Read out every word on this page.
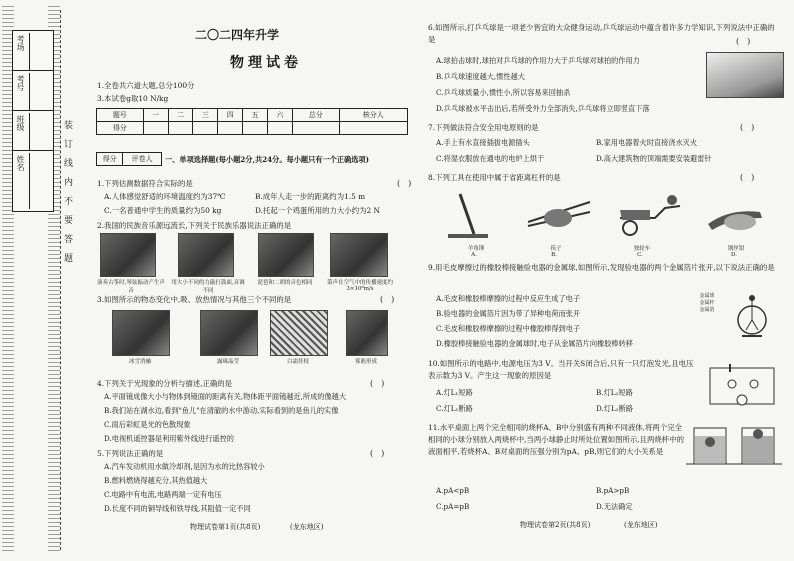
考场
考号
班级
姓名	装订线内不要答题
二〇二四年升学
物理试卷
1.全卷共六道大题,总分100分
3.本试卷g取10 N/kg
题号	一	二	三	四	五	六	总分	核分人
得分								
得分	评卷人 一、单项选择题(每小题2分,共24分。每小题只有一个正确选项)
1.下列估测数据符合实际的是
A.人体感觉舒适的环境温度约为37℃	B.成年人走一步的距离约为1.5 m
C.一名普通中学生的质量约为50 kg	D.托起一个鸡蛋所用的力大小约为2 N
(　)
2.我国的民族音乐源远流长,下列关于民族乐器说法正确的是
演奏古筝时,琴弦振动产生声音
用大小不同的力敲打鼓面,音调不同
琵琶和二胡的音色相同	箫声在空气中的传播速度约3×10⁸m/s
3.如图所示的物态变化中,吸、放热情况与其他三个不同的是	(　)
冰雪消融	露珠晶莹	白霜挂枝	雾凇形成
4.下列关于光现象的分析与描述,正确的是	(　)
A.平面镜成像大小与物体到镜面的距离有关,物体距平面镜越近,所成的像越大
B.我们站在湖水边,看到"鱼儿"在清澈的水中游动,实际看到的是鱼儿的实像
C.雨后彩虹是光的色散现象
D.电视机遥控器是利用紫外线进行遥控的
5.下列说法正确的是	(　)
A.汽车发动机用水做冷却剂,是因为水的比热容较小
B.燃料燃烧得越充分,其热值越大
C.电路中有电流,电路两端一定有电压
D.长度不同的铜导线和铁导线,其阻值一定不同
物理试卷第1页(共8页)	(龙东地区)
6.如图所示,打乒乓球是一项老少皆宜的大众健身运动,乒乓球运动中蕴含着许多力学知识,下列说法中正确的是	(　)
A.球拍击球时,球拍对乒乓球的作用力大于乒乓球对球拍的作用力
B.乒乓球速度越大,惯性越大
C.乒乓球质量小,惯性小,所以容易来回抽杀
D.乒乓球被水平击出后,若所受外力全部消失,乒乓球将立即竖直下落
7.下列做法符合安全用电原则的是	(　)
A.手上有水直接插拔电源插头	B.家用电器着火时直接浇水灭火
C.将湿衣服放在通电的电炉上烘干	D.高大建筑物的顶端需要安装避雷针
8.下列工具在使用中属于省距离杠杆的是	(　)
羊角锤	筷子	独轮车	钢丝钳
A.	B.	C.	D.
9.用毛皮摩擦过的橡胶棒接触验电器的金属球,如图所示,发现验电器的两个金属箔片张开,以下说法正确的是
A.毛皮和橡胶棒摩擦的过程中反应生成了电子
B.验电器的金属箔片因为带了异种电荷而张开
C.毛皮和橡胶棒摩擦的过程中橡胶棒得到电子
D.橡胶棒接触验电器的金属球时,电子从金属箔片向橡胶棒转移
金属球
金属杆
金属箔
10.如图所示的电路中,电源电压为3 V。当开关S闭合后,只有一只灯泡发光,且电压表示数为3 V。产生这一现象的原因是
A.灯L₁短路	B.灯L₂短路
C.灯L₁断路	D.灯L₂断路
11.水平桌面上两个完全相同的烧杯A、B中分别盛有两种不同液体,将两个完全相同的小球分别放入两烧杯中,当两小球静止时所处位置如图所示,且两烧杯中的液面相平,若烧杯A、B对桌面的压强分别为pA、pB,则它们的大小关系是
A.pA<pB	B.pA>pB
C.pA=pB	D.无法确定
物理试卷第2页(共8页)	(龙东地区)
